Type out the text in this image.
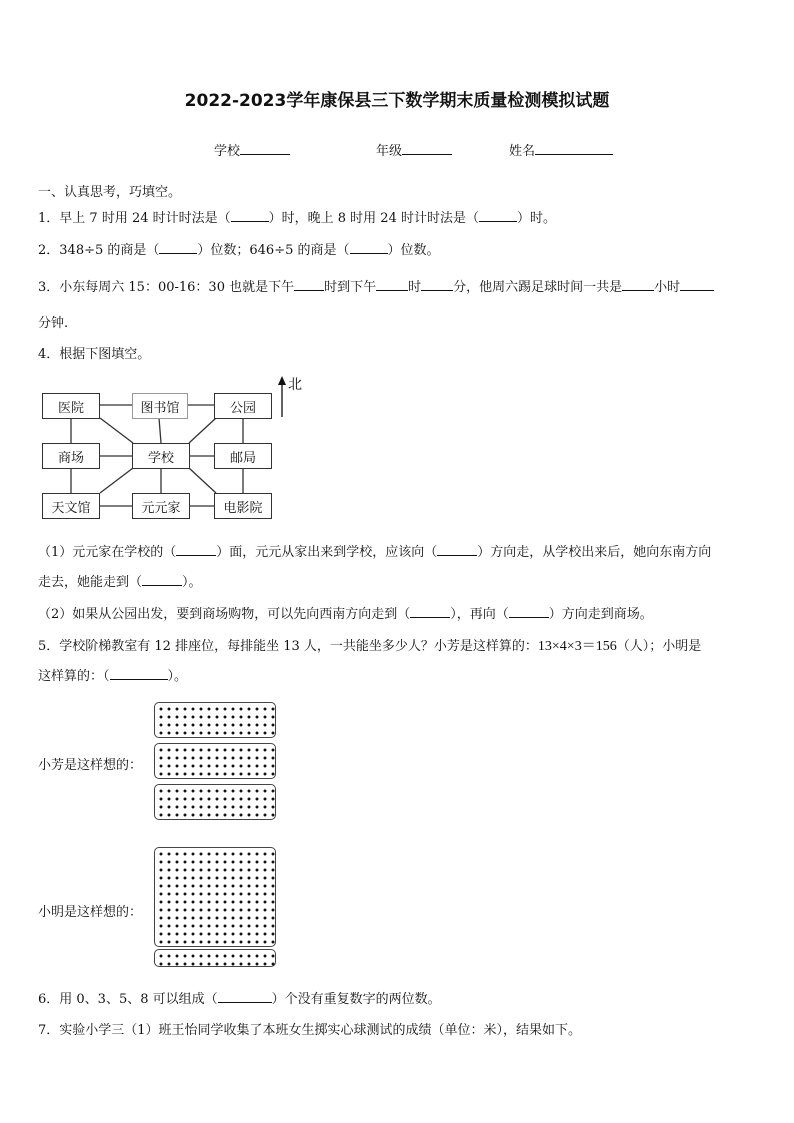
2022-2023学年康保县三下数学期末质量检测模拟试题
学校	年级	姓名
一、认真思考，巧填空。
1．早上 7 时用 24 时计时法是（	）时，晚上 8 时用 24 时计时法是（	）时。
2．348÷5 的商是（	）位数；646÷5 的商是（	）位数。
3．小东每周六 15：00-16：30 也就是下午 时到下午 时 分，他周六踢足球时间一共是 小时
分钟.
4．根据下图填空。
北
医院	图书馆	公园
商场	学校	邮局
天文馆	元元家	电影院
（1）元元家在学校的（	）面，元元从家出来到学校，应该向（	）方向走，从学校出来后，她向东南方向
走去，她能走到（	）。
（2）如果从公园出发，要到商场购物，可以先向西南方向走到（	），再向（	）方向走到商场。
5．学校阶梯教室有 12 排座位，每排能坐 13 人，一共能坐多少人？小芳是这样算的：13×4×3＝156（人）；小明是
这样算的：（	）。
小芳是这样想的：
小明是这样想的：
6．用 0、3、5、8 可以组成（	）个没有重复数字的两位数。
7．实验小学三（1）班王怡同学收集了本班女生掷实心球测试的成绩（单位：米），结果如下。
